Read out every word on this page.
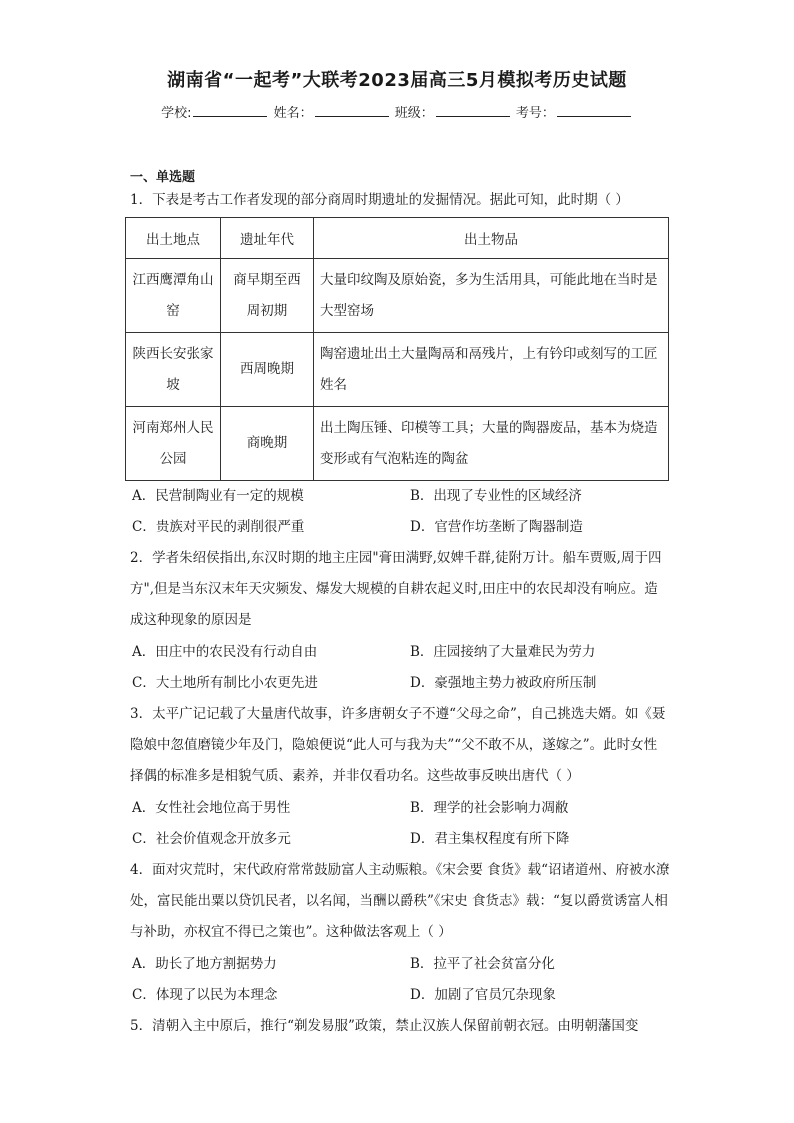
湖南省“一起考”大联考2023届高三5月模拟考历史试题
学校:	姓名：	班级：	考号：
一、单选题
1．下表是考古工作者发现的部分商周时期遗址的发掘情况。据此可知，此时期（ ）
出土地点	遗址年代	出土物品
江西鹰潭角山窑	商早期至西周初期	大量印纹陶及原始瓷，多为生活用具，可能此地在当时是大型窑场
陕西长安张家坡	西周晚期	陶窑遗址出土大量陶鬲和鬲残片，上有钤印或刻写的工匠姓名
河南郑州人民公园	商晚期	出土陶压锤、印模等工具；大量的陶器废品，基本为烧造变形或有气泡粘连的陶盆
A．民营制陶业有一定的规模	B．出现了专业性的区域经济
C．贵族对平民的剥削很严重	D．官营作坊垄断了陶器制造
2．学者朱绍侯指出,东汉时期的地主庄园"膏田满野,奴婢千群,徒附万计。船车贾贩,周于四方",但是当东汉末年天灾频发、爆发大规模的自耕农起义时,田庄中的农民却没有响应。造成这种现象的原因是
A．田庄中的农民没有行动自由	B．庄园接纳了大量难民为劳力
C．大土地所有制比小农更先进	D．豪强地主势力被政府所压制
3．太平广记记载了大量唐代故事，许多唐朝女子不遵“父母之命”，自己挑选夫婿。如《聂隐娘中忽值磨镜少年及门，隐娘便说“此人可与我为夫”“父不敢不从，遂嫁之”。此时女性择偶的标准多是相貌气质、素养，并非仅看功名。这些故事反映出唐代（ ）
A．女性社会地位高于男性	B．理学的社会影响力凋敝
C．社会价值观念开放多元	D．君主集权程度有所下降
4．面对灾荒时，宋代政府常常鼓励富人主动赈粮。《宋会要 食货》载“诏诸道州、府被水潦处，富民能出粟以贷饥民者，以名闻，当酬以爵秩”《宋史 食货志》载：“复以爵赏诱富人相与补助，亦权宜不得已之策也”。这种做法客观上（ ）
A．助长了地方割据势力	B．拉平了社会贫富分化
C．体现了以民为本理念	D．加剧了官员冗杂现象
5．清朝入主中原后，推行“剃发易服”政策，禁止汉族人保留前朝衣冠。由明朝藩国变
